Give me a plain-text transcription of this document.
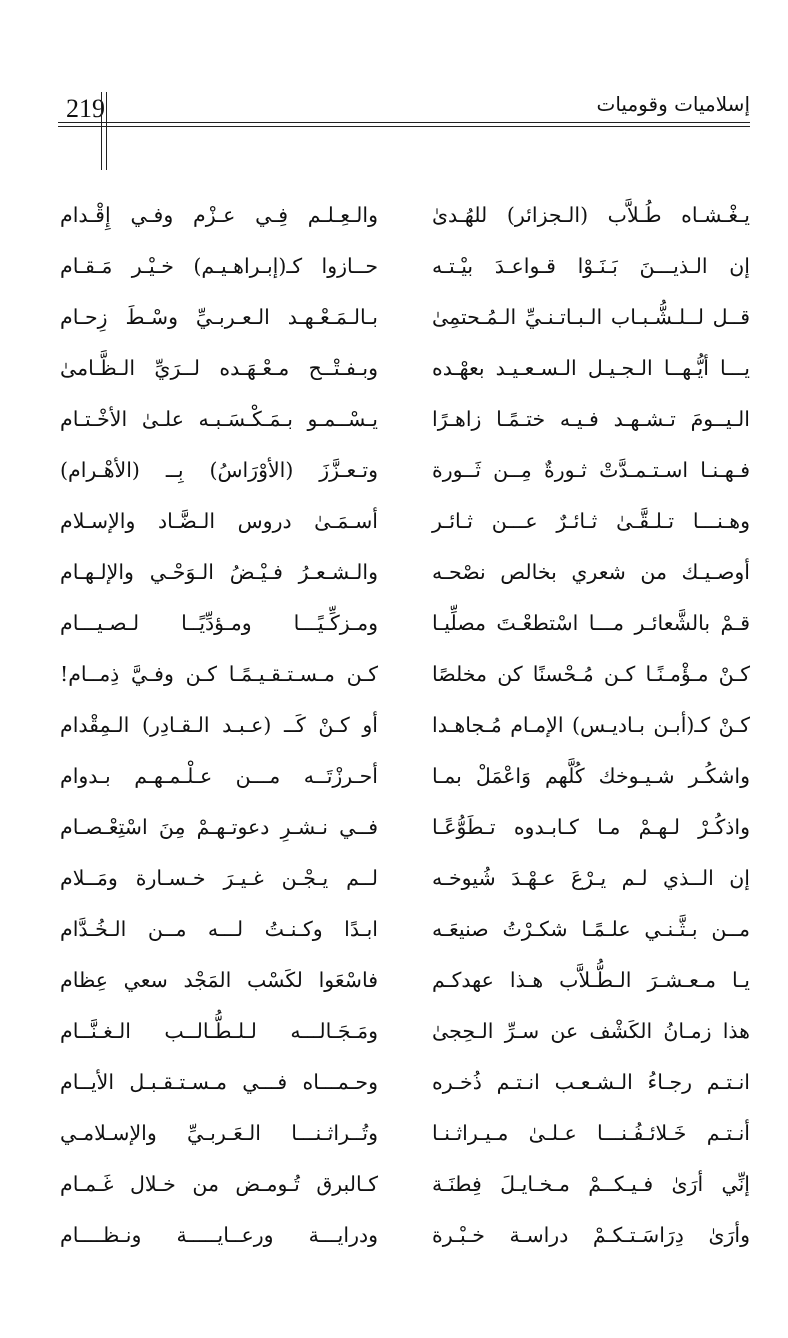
219	إسلاميات وقوميات
يـغْـشـاه طُـلاَّب (الـجزائر) للهُـدىٰ
والـعِـلـم فِـي عـزْم وفـي إِقْـدام
إن الـذيـــنَ بَـنَـوْا قـواعـدَ بيْـتـه
حــازوا كـ(إبـراهـيـم) خـيْـر مَـقـام
قــل لــلـشُّـبـاب الـبـاتـنـيِّ الـمُـحتمِىٰ
بـالـمَـعْـهـد الـعـربـيِّ وسْـطَ زِحـام
يـــا أيُّـهــا الـجـيـل الـسـعـيـد بعهْـده
وبـفـتْــح مـعْـهَـده لــرَيِّ الـظَّـامىٰ
الـيــومَ تـشـهـد فـيـه ختـمًـا زاهـرًا
يـسْــمـو بـمَـكْـسَـبـه علـىٰ الأخْـتـام
فـهـنـا اسـتـمـدَّتْ ثـورةٌ مِــن ثَــورة
وتـعـزَّزَ (الأوْرَاسُ) بِــ (الأهْـرام)
وهـنـــا تـلـقَّـىٰ ثـائـرٌ عـــن ثـائـر
أسـمَـىٰ دروس الـضَّـاد والإسـلام
أوصـيـك من شعري بخالص نصْحـه
والـشـعـرُ فـيْـضُ الـوَحْـي والإلـهـام
قـمْ بالشَّعائـر مـــا اسْتطعْـتَ مصلِّيـا
ومـزكِّـيًـــا ومـؤدِّيًــا لـصـيـــام
كـنْ مـؤْمـنًـا كـن مُـحْسنًا كن مخلصًا
كـن مـسـتـقـيـمًـا كـن وفـيَّ ذِمــام!
كـنْ كـ(أبـن بـاديـس) الإمـام مُـجاهـدا
أو كـنْ كَــ (عـبـد الـقـادِر) الـمِقْدام
واشكُـر شـيـوخك كُلَّهم وَاعْمَلْ بمـا
أحـرزْتَــه مـــن عـلْـمـهـم بـدوام
واذكُـرْ لـهـمْ مـا كـابـدوه تـطَوُّعًـا
فــي نـشـرِ دعوتـهـمْ مِنَ اسْتِعْـصـام
إن الــذي لـم يـرْعَ عـهْـدَ شُيوخـه
لــم يـجْـن غـيـرَ خـسـارة ومَــلام
مــن بـثَّـنـي علـمًـا شكـرْتُ صنيعَـه
ابـدًا وكـنـتُ لـــه مــن الـخُـدَّام
يـا مـعـشـرَ الـطُّـلاَّب هـذا عهدكـم
فاسْعَوا لكَسْب المَجْد سعي عِظام
هذا زمـانُ الكَشْف عن سـرِّ الـحِجىٰ
ومَـجَـالـــه لـلـطُّـالــب الـغـنَّــام
انـتـم رجـاءُ الـشـعـب انـتـم ذُخـره
وحـمـــاه فـــي مـسـتـقـبـل الأيــام
أنـتـم خَـلائـفُـنـــا عـلـىٰ مـيـراثـنـا
وتُــراثـنـــا الـعَـربـيِّ والإسـلامـي
إنِّي أرَىٰ فـيـكــمْ مـخـايـلَ فِطنَـة
كـالبرق تُـومـض من خـلال غَـمـام
وأرَىٰ دِرَاسَـتـكـمْ دراسـة خـبْـرة
ودرايـــة ورعــايـــــة ونـظــــام
